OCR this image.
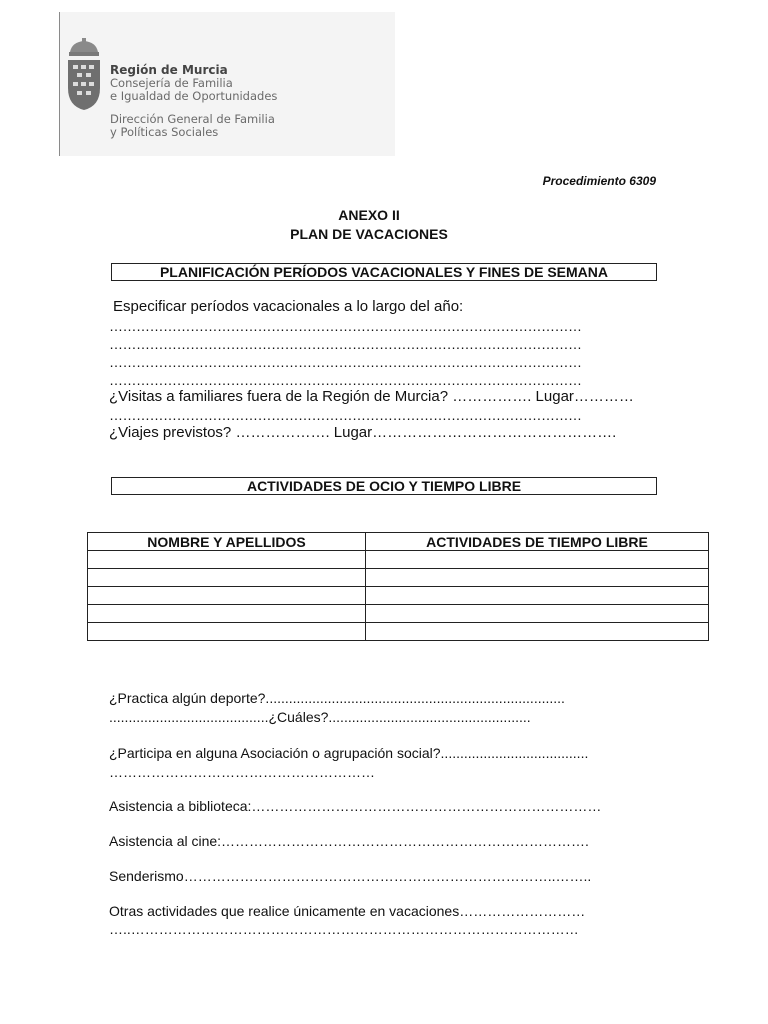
Región de Murcia
Consejería de Familia
e Igualdad de Oportunidades
Dirección General de Familia
y Políticas Sociales
Procedimiento 6309
ANEXO II
PLAN DE VACACIONES
PLANIFICACIÓN PERÍODOS VACACIONALES Y FINES DE SEMANA
Especificar períodos vacacionales a lo largo del año:
……………………………………………………………………………………………
……………………………………………………………………………………………
……………………………………………………………………………………………
……………………………………………………………………………………………
¿Visitas a familiares fuera de la Región de Murcia? ……………. Lugar…………
……………………………………………………………………………………………
¿Viajes previstos? ………………. Lugar………………………………………….
ACTIVIDADES DE OCIO Y TIEMPO LIBRE
NOMBRE Y APELLIDOS	ACTIVIDADES DE TIEMPO LIBRE

¿Practica algún deporte?.............................................................................
.........................................¿Cuáles?....................................................
¿Participa en alguna Asociación o agrupación social?......................................
…………………………………………………
Asistencia a biblioteca:…………………………………………………………………
Asistencia al cine:…………………………………………………………………….
Senderismo……………………………………………………………………..……..
Otras actividades que realice únicamente en vacaciones………………………
…..……………………………………………………………………………………
